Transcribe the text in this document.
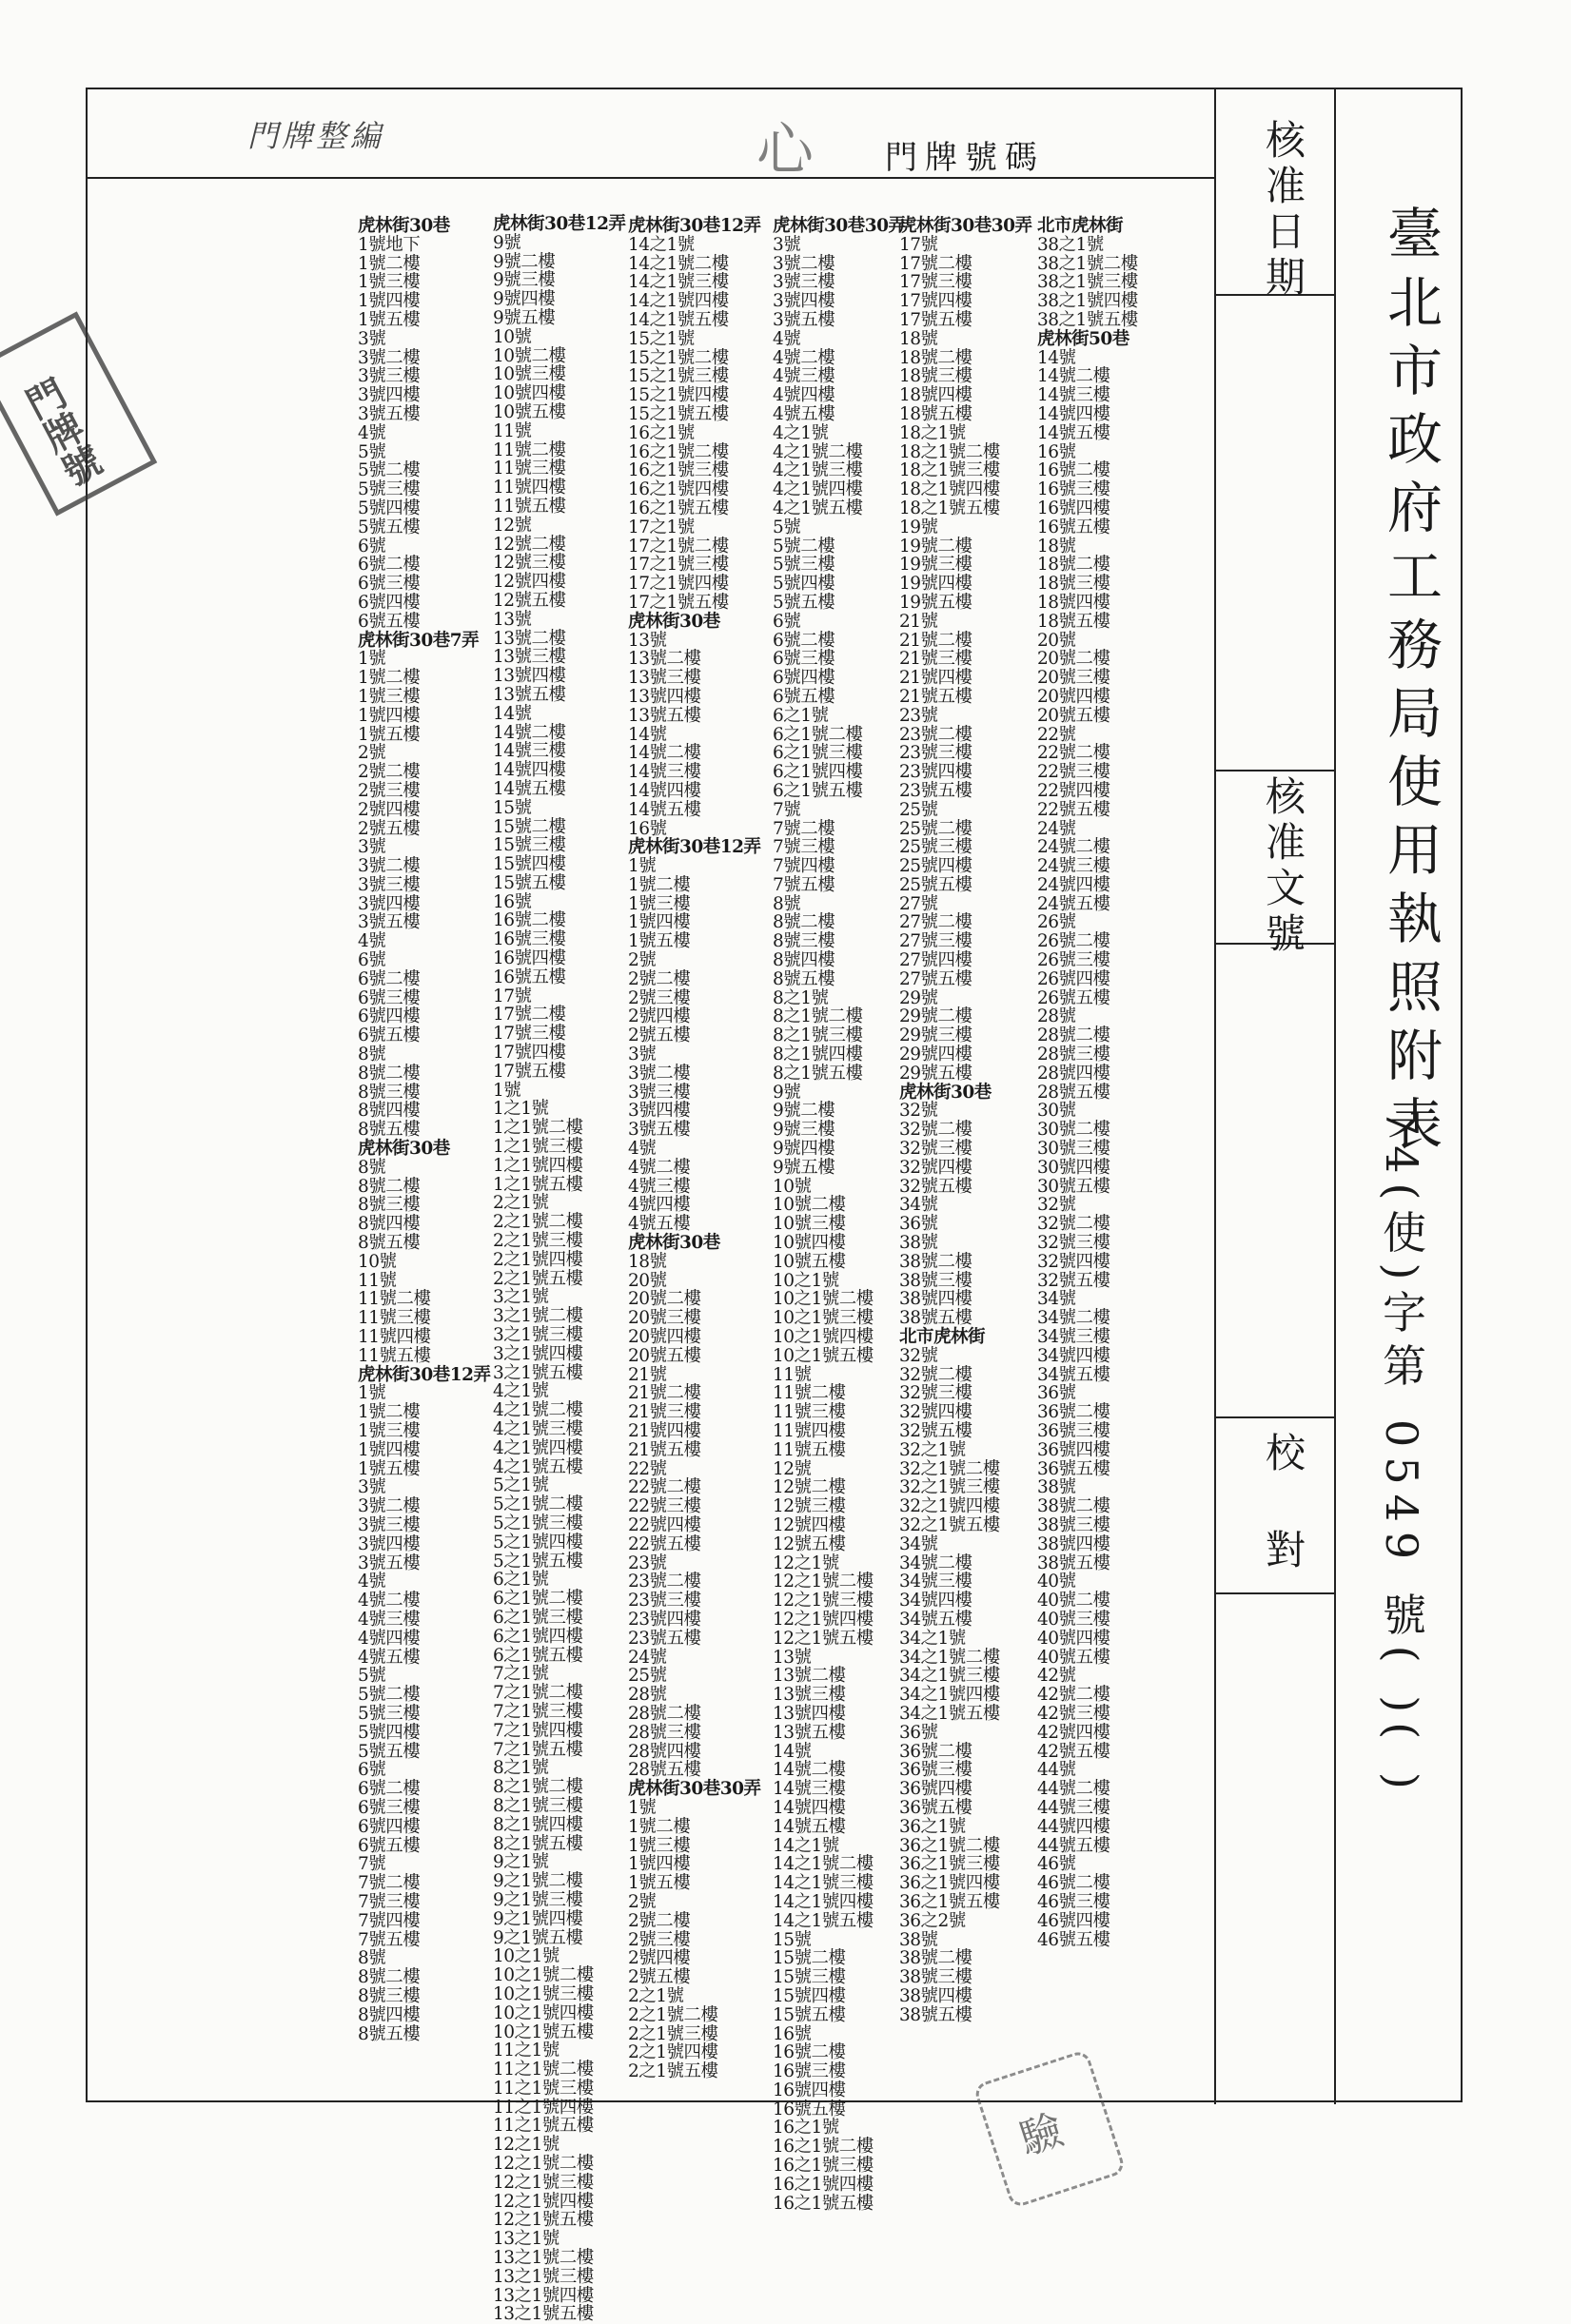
門牌整編
門牌號碼	核准日期
核准文號
校對
臺北市政府工務局使用執照附表
74(使)字第 0549 號( )( )
門牌號
驗
心
虎林街30巷
1號地下
1號二樓
1號三樓
1號四樓
1號五樓
3號
3號二樓
3號三樓
3號四樓
3號五樓
4號
5號
5號二樓
5號三樓
5號四樓
5號五樓
6號
6號二樓
6號三樓
6號四樓
6號五樓
虎林街30巷7弄
1號
1號二樓
1號三樓
1號四樓
1號五樓
2號
2號二樓
2號三樓
2號四樓
2號五樓
3號
3號二樓
3號三樓
3號四樓
3號五樓
4號
6號
6號二樓
6號三樓
6號四樓
6號五樓
8號
8號二樓
8號三樓
8號四樓
8號五樓
虎林街30巷
8號
8號二樓
8號三樓
8號四樓
8號五樓
10號
11號
11號二樓
11號三樓
11號四樓
11號五樓
虎林街30巷12弄
1號
1號二樓
1號三樓
1號四樓
1號五樓
3號
3號二樓
3號三樓
3號四樓
3號五樓
4號
4號二樓
4號三樓
4號四樓
4號五樓
5號
5號二樓
5號三樓
5號四樓
5號五樓
6號
6號二樓
6號三樓
6號四樓
6號五樓
7號
7號二樓
7號三樓
7號四樓
7號五樓
8號
8號二樓
8號三樓
8號四樓
8號五樓
虎林街30巷12弄
9號
9號二樓
9號三樓
9號四樓
9號五樓
10號
10號二樓
10號三樓
10號四樓
10號五樓
11號
11號二樓
11號三樓
11號四樓
11號五樓
12號
12號二樓
12號三樓
12號四樓
12號五樓
13號
13號二樓
13號三樓
13號四樓
13號五樓
14號
14號二樓
14號三樓
14號四樓
14號五樓
15號
15號二樓
15號三樓
15號四樓
15號五樓
16號
16號二樓
16號三樓
16號四樓
16號五樓
17號
17號二樓
17號三樓
17號四樓
17號五樓
1號
1之1號
1之1號二樓
1之1號三樓
1之1號四樓
1之1號五樓
2之1號
2之1號二樓
2之1號三樓
2之1號四樓
2之1號五樓
3之1號
3之1號二樓
3之1號三樓
3之1號四樓
3之1號五樓
4之1號
4之1號二樓
4之1號三樓
4之1號四樓
4之1號五樓
5之1號
5之1號二樓
5之1號三樓
5之1號四樓
5之1號五樓
6之1號
6之1號二樓
6之1號三樓
6之1號四樓
6之1號五樓
7之1號
7之1號二樓
7之1號三樓
7之1號四樓
7之1號五樓
8之1號
8之1號二樓
8之1號三樓
8之1號四樓
8之1號五樓
9之1號
9之1號二樓
9之1號三樓
9之1號四樓
9之1號五樓
10之1號
10之1號二樓
10之1號三樓
10之1號四樓
10之1號五樓
11之1號
11之1號二樓
11之1號三樓
11之1號四樓
11之1號五樓
12之1號
12之1號二樓
12之1號三樓
12之1號四樓
12之1號五樓
13之1號
13之1號二樓
13之1號三樓
13之1號四樓
13之1號五樓
虎林街30巷12弄
14之1號
14之1號二樓
14之1號三樓
14之1號四樓
14之1號五樓
15之1號
15之1號二樓
15之1號三樓
15之1號四樓
15之1號五樓
16之1號
16之1號二樓
16之1號三樓
16之1號四樓
16之1號五樓
17之1號
17之1號二樓
17之1號三樓
17之1號四樓
17之1號五樓
虎林街30巷
13號
13號二樓
13號三樓
13號四樓
13號五樓
14號
14號二樓
14號三樓
14號四樓
14號五樓
16號
虎林街30巷12弄
1號
1號二樓
1號三樓
1號四樓
1號五樓
2號
2號二樓
2號三樓
2號四樓
2號五樓
3號
3號二樓
3號三樓
3號四樓
3號五樓
4號
4號二樓
4號三樓
4號四樓
4號五樓
虎林街30巷
18號
20號
20號二樓
20號三樓
20號四樓
20號五樓
21號
21號二樓
21號三樓
21號四樓
21號五樓
22號
22號二樓
22號三樓
22號四樓
22號五樓
23號
23號二樓
23號三樓
23號四樓
23號五樓
24號
25號
28號
28號二樓
28號三樓
28號四樓
28號五樓
虎林街30巷30弄
1號
1號二樓
1號三樓
1號四樓
1號五樓
2號
2號二樓
2號三樓
2號四樓
2號五樓
2之1號
2之1號二樓
2之1號三樓
2之1號四樓
2之1號五樓
虎林街30巷30弄
3號
3號二樓
3號三樓
3號四樓
3號五樓
4號
4號二樓
4號三樓
4號四樓
4號五樓
4之1號
4之1號二樓
4之1號三樓
4之1號四樓
4之1號五樓
5號
5號二樓
5號三樓
5號四樓
5號五樓
6號
6號二樓
6號三樓
6號四樓
6號五樓
6之1號
6之1號二樓
6之1號三樓
6之1號四樓
6之1號五樓
7號
7號二樓
7號三樓
7號四樓
7號五樓
8號
8號二樓
8號三樓
8號四樓
8號五樓
8之1號
8之1號二樓
8之1號三樓
8之1號四樓
8之1號五樓
9號
9號二樓
9號三樓
9號四樓
9號五樓
10號
10號二樓
10號三樓
10號四樓
10號五樓
10之1號
10之1號二樓
10之1號三樓
10之1號四樓
10之1號五樓
11號
11號二樓
11號三樓
11號四樓
11號五樓
12號
12號二樓
12號三樓
12號四樓
12號五樓
12之1號
12之1號二樓
12之1號三樓
12之1號四樓
12之1號五樓
13號
13號二樓
13號三樓
13號四樓
13號五樓
14號
14號二樓
14號三樓
14號四樓
14號五樓
14之1號
14之1號二樓
14之1號三樓
14之1號四樓
14之1號五樓
15號
15號二樓
15號三樓
15號四樓
15號五樓
16號
16號二樓
16號三樓
16號四樓
16號五樓
16之1號
16之1號二樓
16之1號三樓
16之1號四樓
16之1號五樓
虎林街30巷30弄
17號
17號二樓
17號三樓
17號四樓
17號五樓
18號
18號二樓
18號三樓
18號四樓
18號五樓
18之1號
18之1號二樓
18之1號三樓
18之1號四樓
18之1號五樓
19號
19號二樓
19號三樓
19號四樓
19號五樓
21號
21號二樓
21號三樓
21號四樓
21號五樓
23號
23號二樓
23號三樓
23號四樓
23號五樓
25號
25號二樓
25號三樓
25號四樓
25號五樓
27號
27號二樓
27號三樓
27號四樓
27號五樓
29號
29號二樓
29號三樓
29號四樓
29號五樓
虎林街30巷
32號
32號二樓
32號三樓
32號四樓
32號五樓
34號
36號
38號
38號二樓
38號三樓
38號四樓
38號五樓
北市虎林街
32號
32號二樓
32號三樓
32號四樓
32號五樓
32之1號
32之1號二樓
32之1號三樓
32之1號四樓
32之1號五樓
34號
34號二樓
34號三樓
34號四樓
34號五樓
34之1號
34之1號二樓
34之1號三樓
34之1號四樓
34之1號五樓
36號
36號二樓
36號三樓
36號四樓
36號五樓
36之1號
36之1號二樓
36之1號三樓
36之1號四樓
36之1號五樓
36之2號
38號
38號二樓
38號三樓
38號四樓
38號五樓
北市虎林街
38之1號
38之1號二樓
38之1號三樓
38之1號四樓
38之1號五樓
虎林街50巷
14號
14號二樓
14號三樓
14號四樓
14號五樓
16號
16號二樓
16號三樓
16號四樓
16號五樓
18號
18號二樓
18號三樓
18號四樓
18號五樓
20號
20號二樓
20號三樓
20號四樓
20號五樓
22號
22號二樓
22號三樓
22號四樓
22號五樓
24號
24號二樓
24號三樓
24號四樓
24號五樓
26號
26號二樓
26號三樓
26號四樓
26號五樓
28號
28號二樓
28號三樓
28號四樓
28號五樓
30號
30號二樓
30號三樓
30號四樓
30號五樓
32號
32號二樓
32號三樓
32號四樓
32號五樓
34號
34號二樓
34號三樓
34號四樓
34號五樓
36號
36號二樓
36號三樓
36號四樓
36號五樓
38號
38號二樓
38號三樓
38號四樓
38號五樓
40號
40號二樓
40號三樓
40號四樓
40號五樓
42號
42號二樓
42號三樓
42號四樓
42號五樓
44號
44號二樓
44號三樓
44號四樓
44號五樓
46號
46號二樓
46號三樓
46號四樓
46號五樓
